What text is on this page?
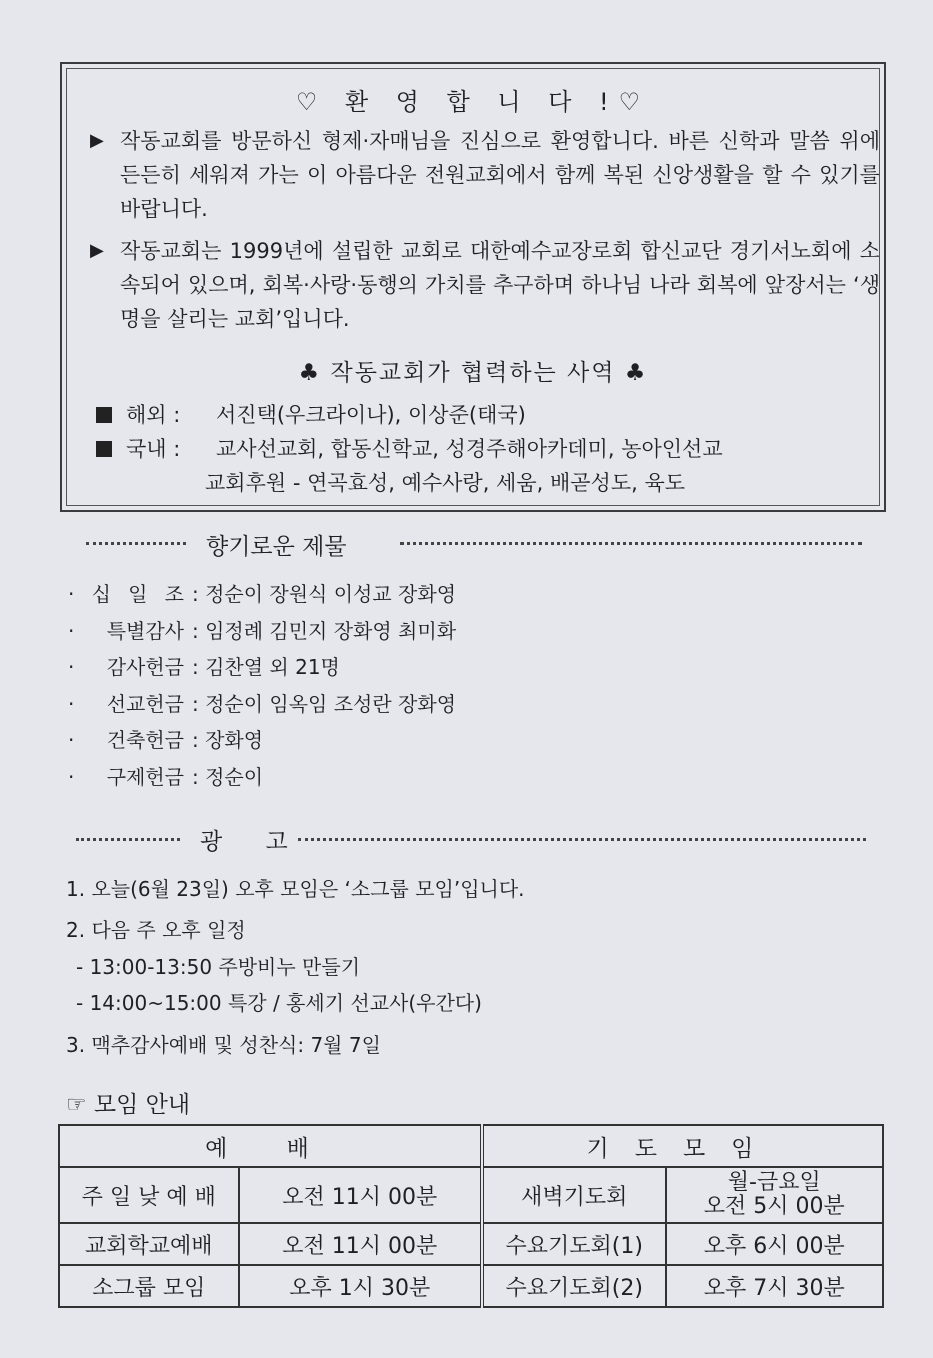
♡ 환 영 합 니 다 !♡
▶ 작동교회를 방문하신 형제·자매님을 진심으로 환영합니다. 바른 신학과 말씀 위에 든든히 세워져 가는 이 아름다운 전원교회에서 함께 복된 신앙생활을 할 수 있기를 바랍니다.
▶ 작동교회는 1999년에 설립한 교회로 대한예수교장로회 합신교단 경기서노회에 소속되어 있으며, 회복·사랑·동행의 가치를 추구하며 하나님 나라 회복에 앞장서는 ‘생명을 살리는 교회’입니다.
♣ 작동교회가 협력하는 사역 ♣
해외 : 서진택(우크라이나), 이상준(태국)
국내 : 교사선교회, 합동신학교, 성경주해아카데미, 농아인선교
교회후원 - 연곡효성, 예수사랑, 세움, 배곧성도, 육도
향기로운 제물
· 십 일 조 : 정순이 장원식 이성교 장화영
· 특별감사 : 임정례 김민지 장화영 최미화
· 감사헌금 : 김찬열 외 21명
· 선교헌금 : 정순이 임옥임 조성란 장화영
· 건축헌금 : 장화영
· 구제헌금 : 정순이
광 고
1. 오늘(6월 23일) 오후 모임은 ‘소그룹 모임’입니다.
2. 다음 주 오후 일정
- 13:00-13:50 주방비누 만들기
- 14:00~15:00 특강 / 홍세기 선교사(우간다)
3. 맥추감사예배 및 성찬식: 7월 7일
☞ 모임 안내
예 배		기도모임	
주 일 낮 예 배	오전 11시 00분	새벽기도회	월-금요일
오전 5시 00분

교회학교예배	오전 11시 00분	수요기도회(1)	오후 6시 00분
소그룹 모임	오후 1시 30분	수요기도회(2)	오후 7시 30분
